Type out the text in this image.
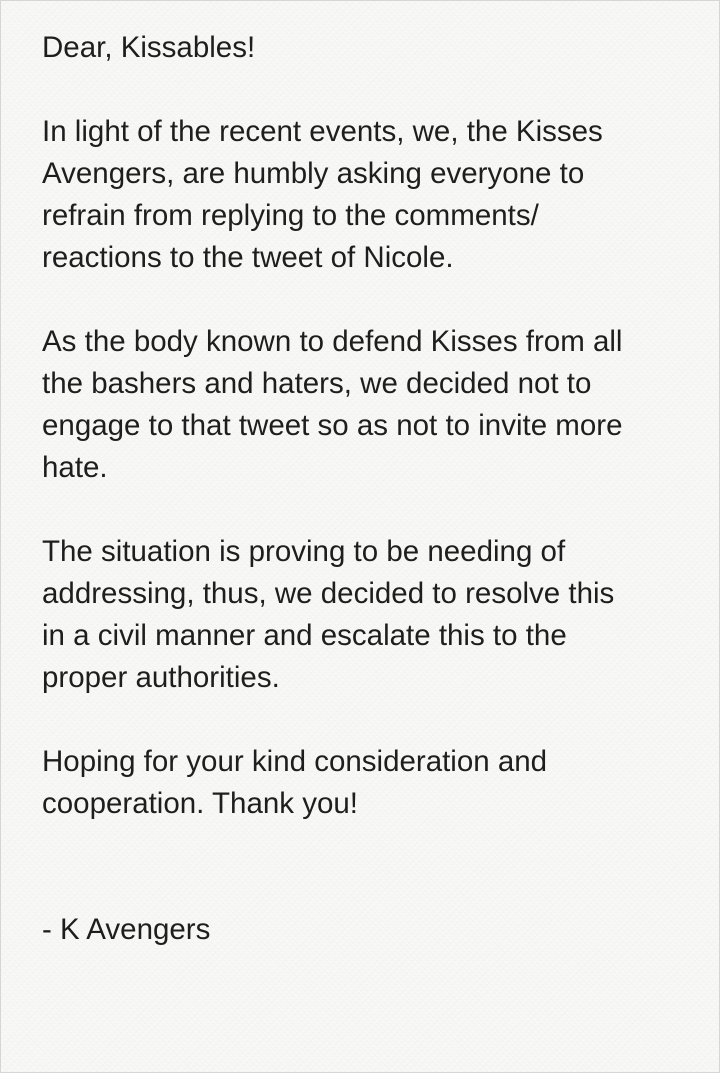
Dear, Kissables!

In light of the recent events, we, the Kisses
Avengers, are humbly asking everyone to
refrain from replying to the comments/
reactions to the tweet of Nicole.

As the body known to defend Kisses from all
the bashers and haters, we decided not to
engage to that tweet so as not to invite more
hate.

The situation is proving to be needing of
addressing, thus, we decided to resolve this
in a civil manner and escalate this to the
proper authorities.

Hoping for your kind consideration and
cooperation. Thank you!

- K Avengers
